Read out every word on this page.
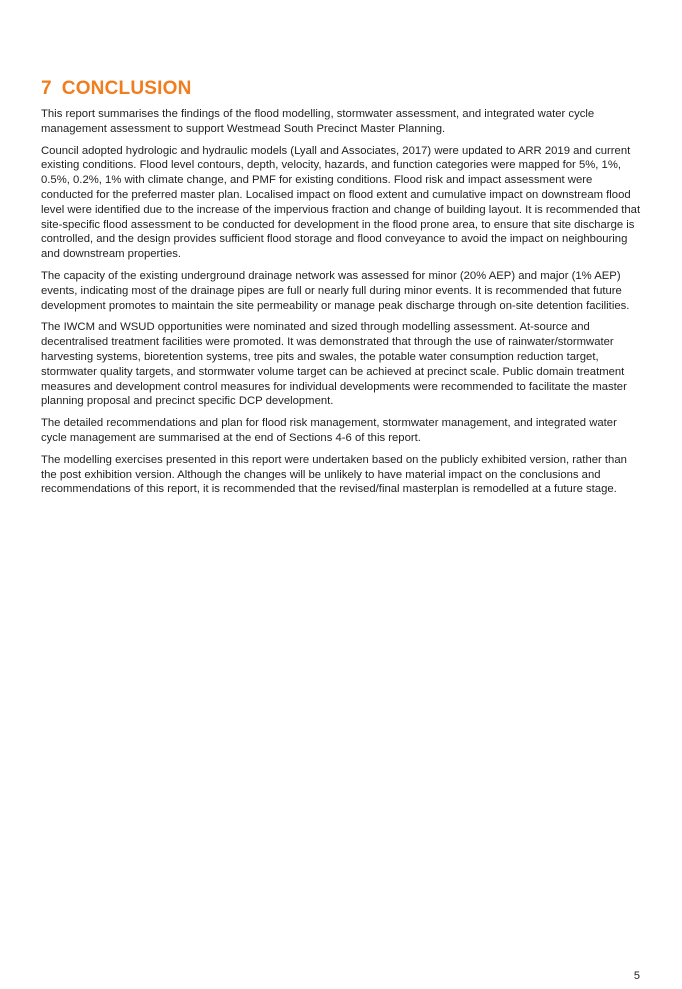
7 CONCLUSION

This report summarises the findings of the flood modelling, stormwater assessment, and integrated water cycle management assessment to support Westmead South Precinct Master Planning.

Council adopted hydrologic and hydraulic models (Lyall and Associates, 2017) were updated to ARR 2019 and current existing conditions. Flood level contours, depth, velocity, hazards, and function categories were mapped for 5%, 1%, 0.5%, 0.2%, 1% with climate change, and PMF for existing conditions. Flood risk and impact assessment were conducted for the preferred master plan. Localised impact on flood extent and cumulative impact on downstream flood level were identified due to the increase of the impervious fraction and change of building layout. It is recommended that site-specific flood assessment to be conducted for development in the flood prone area, to ensure that site discharge is controlled, and the design provides sufficient flood storage and flood conveyance to avoid the impact on neighbouring and downstream properties.

The capacity of the existing underground drainage network was assessed for minor (20% AEP) and major (1% AEP) events, indicating most of the drainage pipes are full or nearly full during minor events. It is recommended that future development promotes to maintain the site permeability or manage peak discharge through on-site detention facilities.

The IWCM and WSUD opportunities were nominated and sized through modelling assessment. At-source and decentralised treatment facilities were promoted. It was demonstrated that through the use of rainwater/stormwater harvesting systems, bioretention systems, tree pits and swales, the potable water consumption reduction target, stormwater quality targets, and stormwater volume target can be achieved at precinct scale. Public domain treatment measures and development control measures for individual developments were recommended to facilitate the master planning proposal and precinct specific DCP development.

The detailed recommendations and plan for flood risk management, stormwater management, and integrated water cycle management are summarised at the end of Sections 4-6 of this report.

The modelling exercises presented in this report were undertaken based on the publicly exhibited version, rather than the post exhibition version. Although the changes will be unlikely to have material impact on the conclusions and recommendations of this report, it is recommended that the revised/final masterplan is remodelled at a future stage.

5
